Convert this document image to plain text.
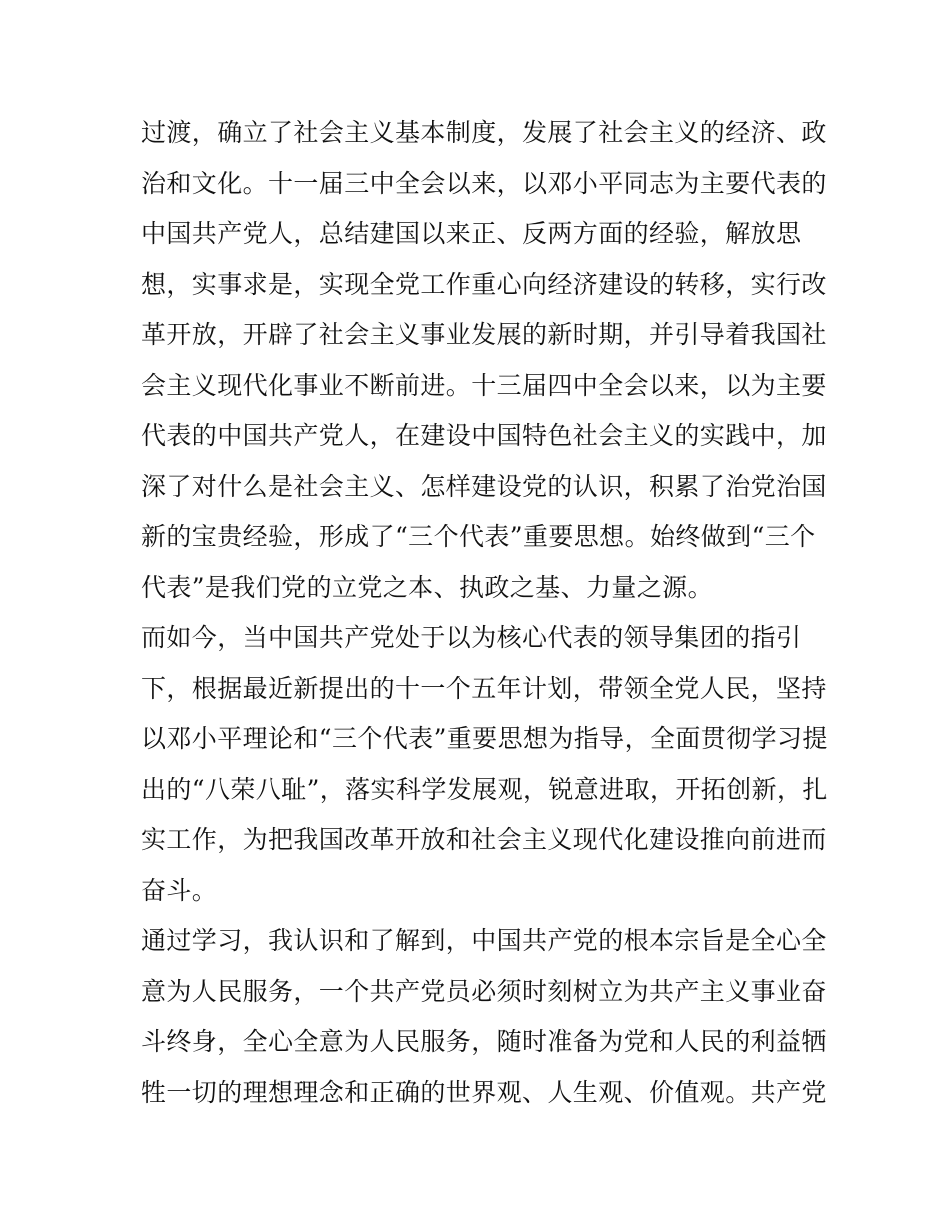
过渡，确立了社会主义基本制度，发展了社会主义的经济、政
治和文化。十一届三中全会以来，以邓小平同志为主要代表的
中国共产党人，总结建国以来正、反两方面的经验，解放思
想，实事求是，实现全党工作重心向经济建设的转移，实行改
革开放，开辟了社会主义事业发展的新时期，并引导着我国社
会主义现代化事业不断前进。十三届四中全会以来，以为主要
代表的中国共产党人，在建设中国特色社会主义的实践中，加
深了对什么是社会主义、怎样建设党的认识，积累了治党治国
新的宝贵经验，形成了“三个代表”重要思想。始终做到“三个
代表”是我们党的立党之本、执政之基、力量之源。
而如今，当中国共产党处于以为核心代表的领导集团的指引
下，根据最近新提出的十一个五年计划，带领全党人民，坚持
以邓小平理论和“三个代表”重要思想为指导，全面贯彻学习提
出的“八荣八耻”，落实科学发展观，锐意进取，开拓创新，扎
实工作，为把我国改革开放和社会主义现代化建设推向前进而
奋斗。
通过学习，我认识和了解到，中国共产党的根本宗旨是全心全
意为人民服务，一个共产党员必须时刻树立为共产主义事业奋
斗终身，全心全意为人民服务，随时准备为党和人民的利益牺
牲一切的理想理念和正确的世界观、人生观、价值观。共产党
